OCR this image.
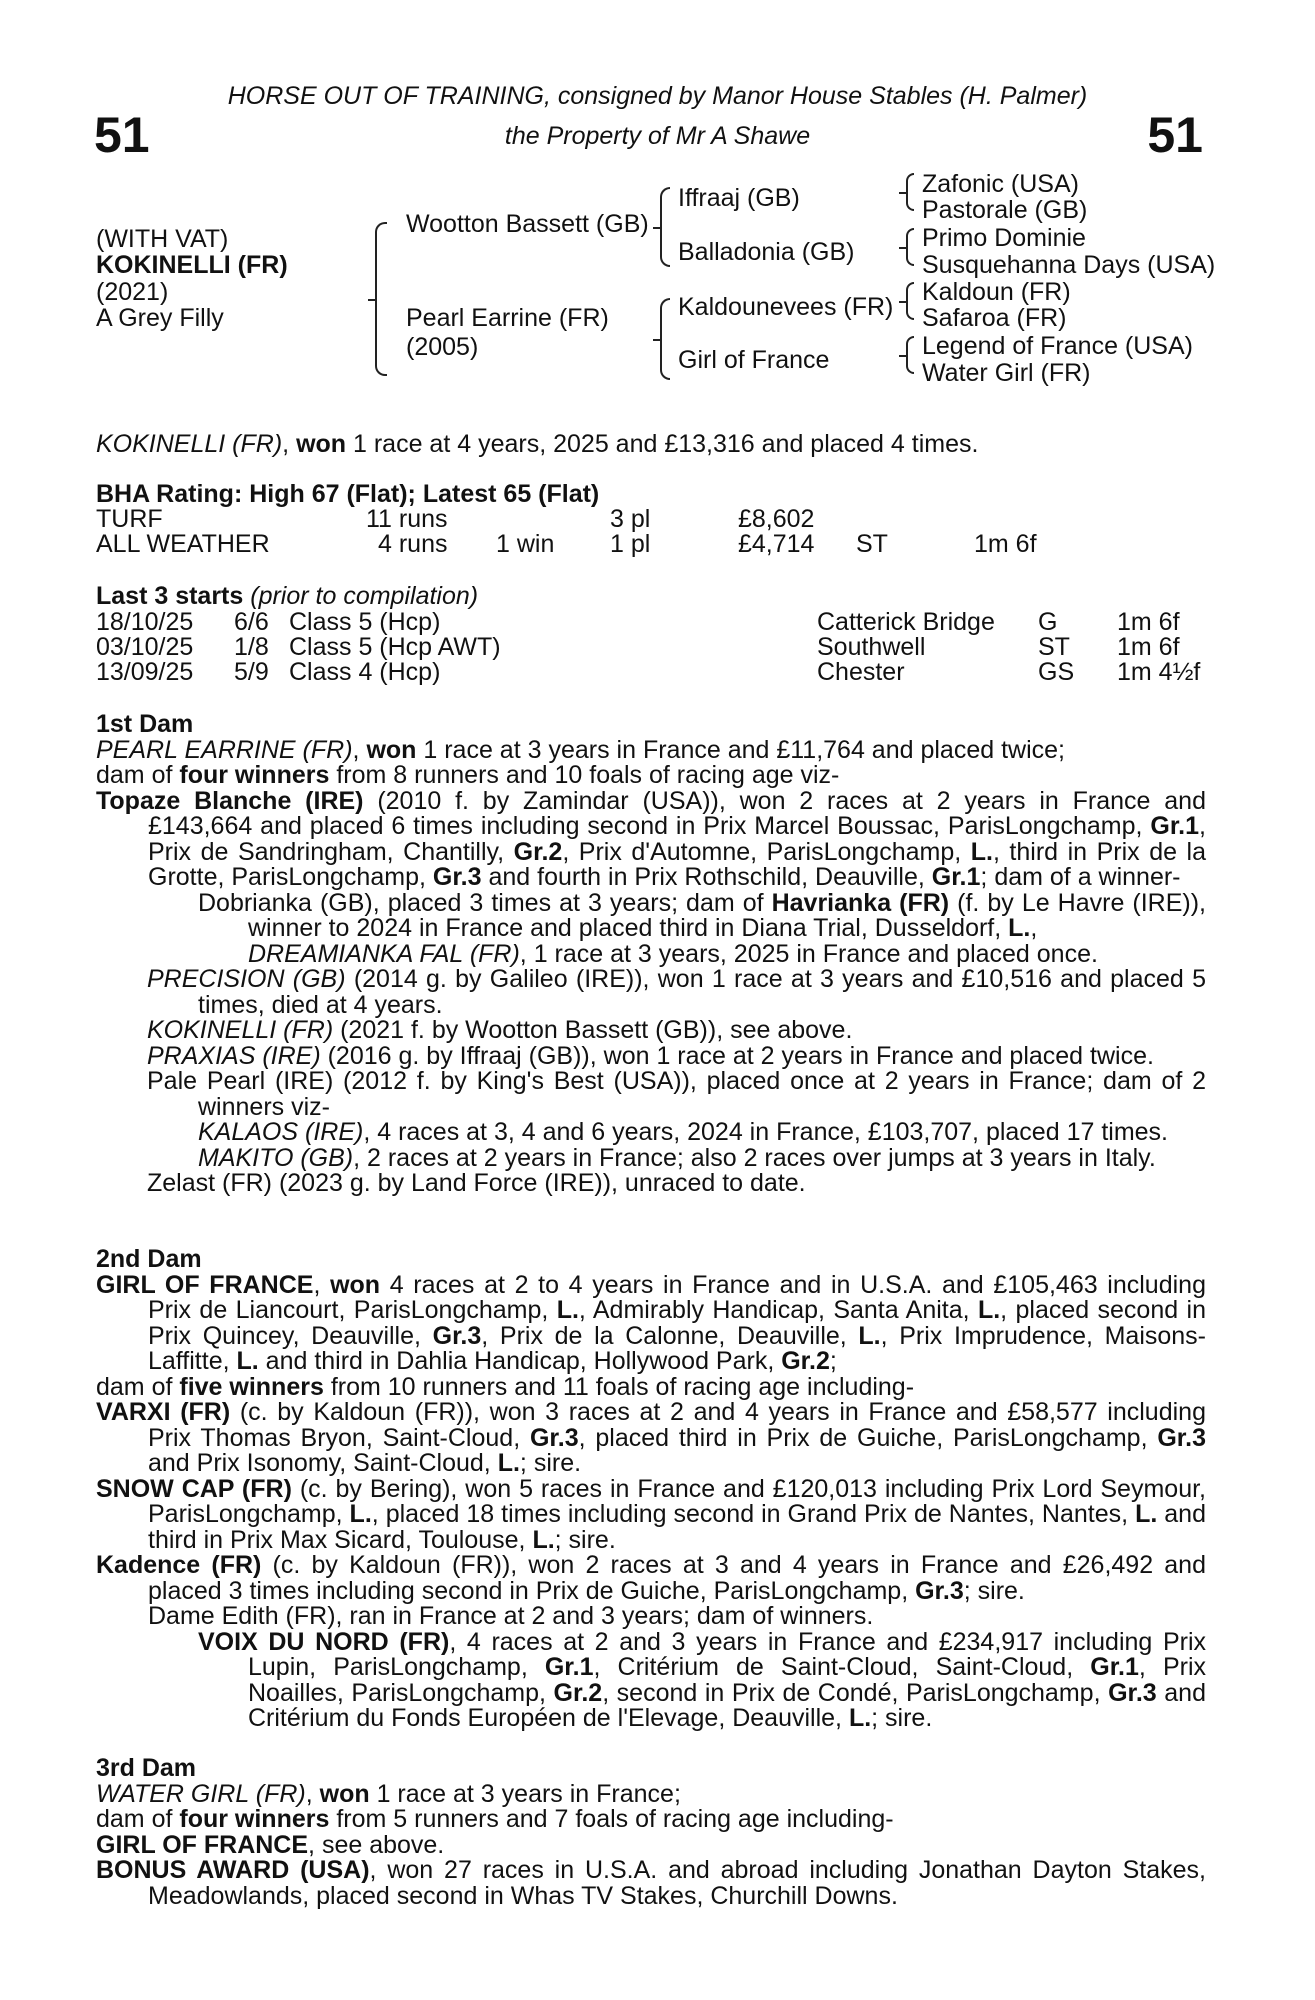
51	51
HORSE OUT OF TRAINING, consigned by Manor House Stables (H. Palmer)
the Property of Mr A Shawe
(WITH VAT)
KOKINELLI (FR)
(2021)
A Grey Filly
Wootton Bassett (GB)
Pearl Earrine (FR)
(2005)
Iffraaj (GB)
Balladonia (GB)
Kaldounevees (FR)
Girl of France
Zafonic (USA)
Pastorale (GB)
Primo Dominie
Susquehanna Days (USA)
Kaldoun (FR)
Safaroa (FR)
Legend of France (USA)
Water Girl (FR)
KOKINELLI (FR), won 1 race at 4 years, 2025 and £13,316 and placed 4 times.
BHA Rating: High 67 (Flat); Latest 65 (Flat)
TURF	11 runs	3 pl	£8,602
ALL WEATHER	4 runs 1 win 1 pl	£4,714 ST	1m 6f
Last 3 starts (prior to compilation)
18/10/25 6/6 Class 5 (Hcp)	Catterick Bridge G 1m 6f
03/10/25 1/8 Class 5 (Hcp AWT)	Southwell	ST 1m 6f
13/09/25 5/9 Class 4 (Hcp)	Chester	GS 1m 4½f

1st Dam

PEARL EARRINE (FR), won 1 race at 3 years in France and £11,764 and placed twice;

dam of four winners from 8 runners and 10 foals of racing age viz-

Topaze Blanche (IRE) (2010 f. by Zamindar (USA)), won 2 races at 2 years in France and £143,664 and placed 6 times including second in Prix Marcel Boussac, ParisLongchamp, Gr.1, Prix de Sandringham, Chantilly, Gr.2, Prix d'Automne, ParisLongchamp, L., third in Prix de la Grotte, ParisLongchamp, Gr.3 and fourth in Prix Rothschild, Deauville, Gr.1; dam of a winner-

Dobrianka (GB), placed 3 times at 3 years; dam of Havrianka (FR) (f. by Le Havre (IRE)), winner to 2024 in France and placed third in Diana Trial, Dusseldorf, L.,
DREAMIANKA FAL (FR), 1 race at 3 years, 2025 in France and placed once.

PRECISION (GB) (2014 g. by Galileo (IRE)), won 1 race at 3 years and £10,516 and placed 5 times, died at 4 years.

KOKINELLI (FR) (2021 f. by Wootton Bassett (GB)), see above.

PRAXIAS (IRE) (2016 g. by Iffraaj (GB)), won 1 race at 2 years in France and placed twice.

Pale Pearl (IRE) (2012 f. by King's Best (USA)), placed once at 2 years in France; dam of 2 winners viz-

KALAOS (IRE), 4 races at 3, 4 and 6 years, 2024 in France, £103,707, placed 17 times.

MAKITO (GB), 2 races at 2 years in France; also 2 races over jumps at 3 years in Italy.

Zelast (FR) (2023 g. by Land Force (IRE)), unraced to date.

2nd Dam

GIRL OF FRANCE, won 4 races at 2 to 4 years in France and in U.S.A. and £105,463 including Prix de Liancourt, ParisLongchamp, L., Admirably Handicap, Santa Anita, L., placed second in Prix Quincey, Deauville, Gr.3, Prix de la Calonne, Deauville, L., Prix Imprudence, Maisons-Laffitte, L. and third in Dahlia Handicap, Hollywood Park, Gr.2;

dam of five winners from 10 runners and 11 foals of racing age including-

VARXI (FR) (c. by Kaldoun (FR)), won 3 races at 2 and 4 years in France and £58,577 including Prix Thomas Bryon, Saint-Cloud, Gr.3, placed third in Prix de Guiche, ParisLongchamp, Gr.3 and Prix Isonomy, Saint-Cloud, L.; sire.

SNOW CAP (FR) (c. by Bering), won 5 races in France and £120,013 including Prix Lord Seymour, ParisLongchamp, L., placed 18 times including second in Grand Prix de Nantes, Nantes, L. and third in Prix Max Sicard, Toulouse, L.; sire.

Kadence (FR) (c. by Kaldoun (FR)), won 2 races at 3 and 4 years in France and £26,492 and placed 3 times including second in Prix de Guiche, ParisLongchamp, Gr.3; sire.

Dame Edith (FR), ran in France at 2 and 3 years; dam of winners.

VOIX DU NORD (FR), 4 races at 2 and 3 years in France and £234,917 including Prix Lupin, ParisLongchamp, Gr.1, Critérium de Saint-Cloud, Saint-Cloud, Gr.1, Prix Noailles, ParisLongchamp, Gr.2, second in Prix de Condé, ParisLongchamp, Gr.3 and Critérium du Fonds Européen de l'Elevage, Deauville, L.; sire.

3rd Dam

WATER GIRL (FR), won 1 race at 3 years in France;

dam of four winners from 5 runners and 7 foals of racing age including-

GIRL OF FRANCE, see above.

BONUS AWARD (USA), won 27 races in U.S.A. and abroad including Jonathan Dayton Stakes, Meadowlands, placed second in Whas TV Stakes, Churchill Downs.
